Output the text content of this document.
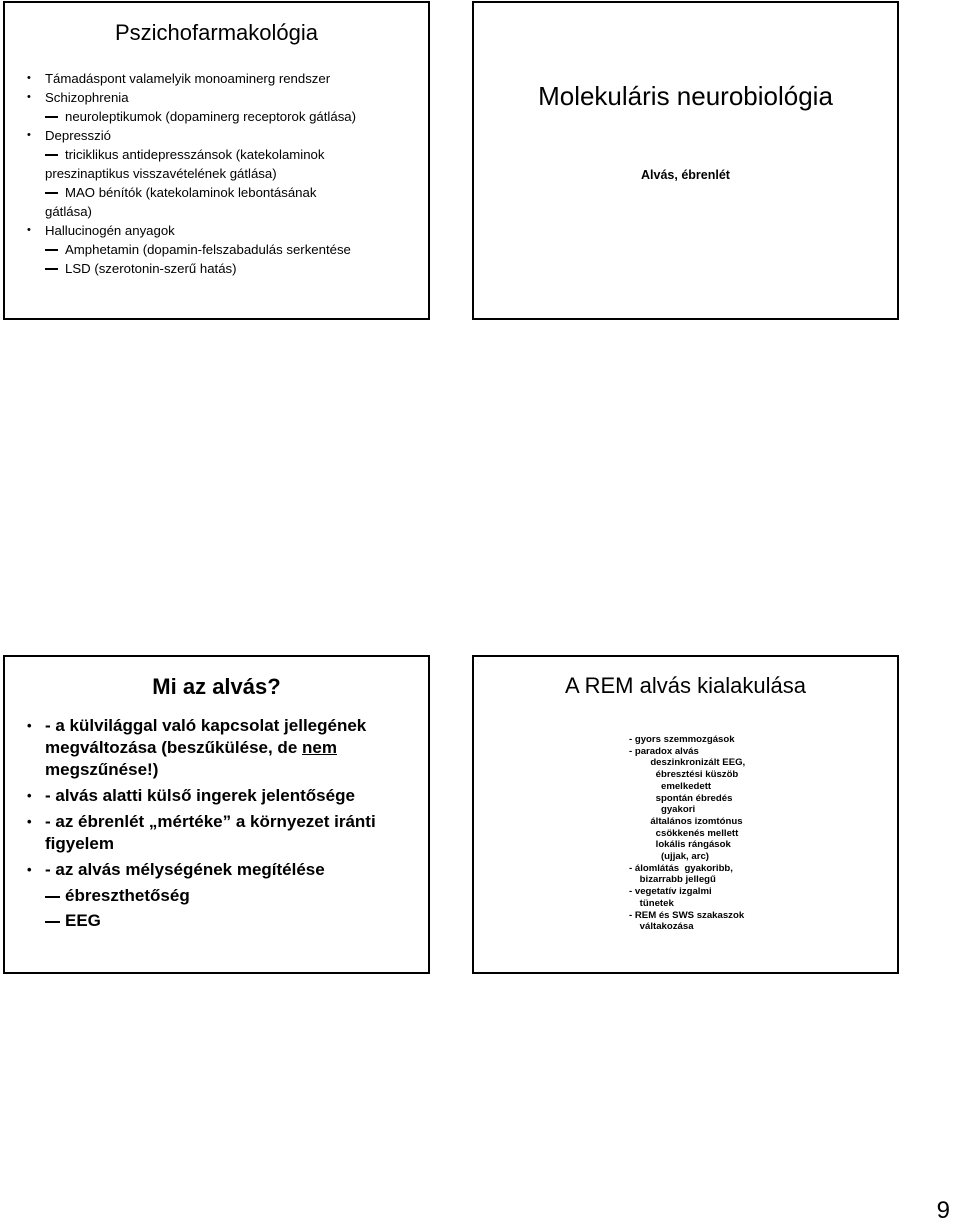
Pszichofarmakológia
• Támadáspont valamelyik monoaminerg rendszer
• Schizophrenia
neuroleptikumok (dopaminerg receptorok gátlása)
• Depresszió
triciklikus antidepresszánsok (katekolaminok
preszinaptikus visszavételének gátlása)
MAO bénítók (katekolaminok lebontásának
gátlása)
• Hallucinogén anyagok
Amphetamin (dopamin-felszabadulás serkentése
LSD (szerotonin-szerű hatás)
Molekuláris neurobiológia
Alvás, ébrenlét
Mi az alvás?
• - a külvilággal való kapcsolat jellegének megváltozása (beszűkülése, de nem megszűnése!)
• - alvás alatti külső ingerek jelentősége
• - az ébrenlét „mértéke” a környezet iránti figyelem
• - az alvás mélységének megítélése
ébreszthetőség
EEG
A REM alvás kialakulása
- gyors szemmozgások
- paradox alvás
deszinkronizált EEG,
ébresztési küszöb
emelkedett
spontán ébredés
gyakori
általános izomtónus
csökkenés mellett
lokális rángások
(ujjak, arc)
- álomlátás  gyakoribb,
bizarrabb jellegű
- vegetatív izgalmi
tünetek
- REM és SWS szakaszok
váltakozása
9
